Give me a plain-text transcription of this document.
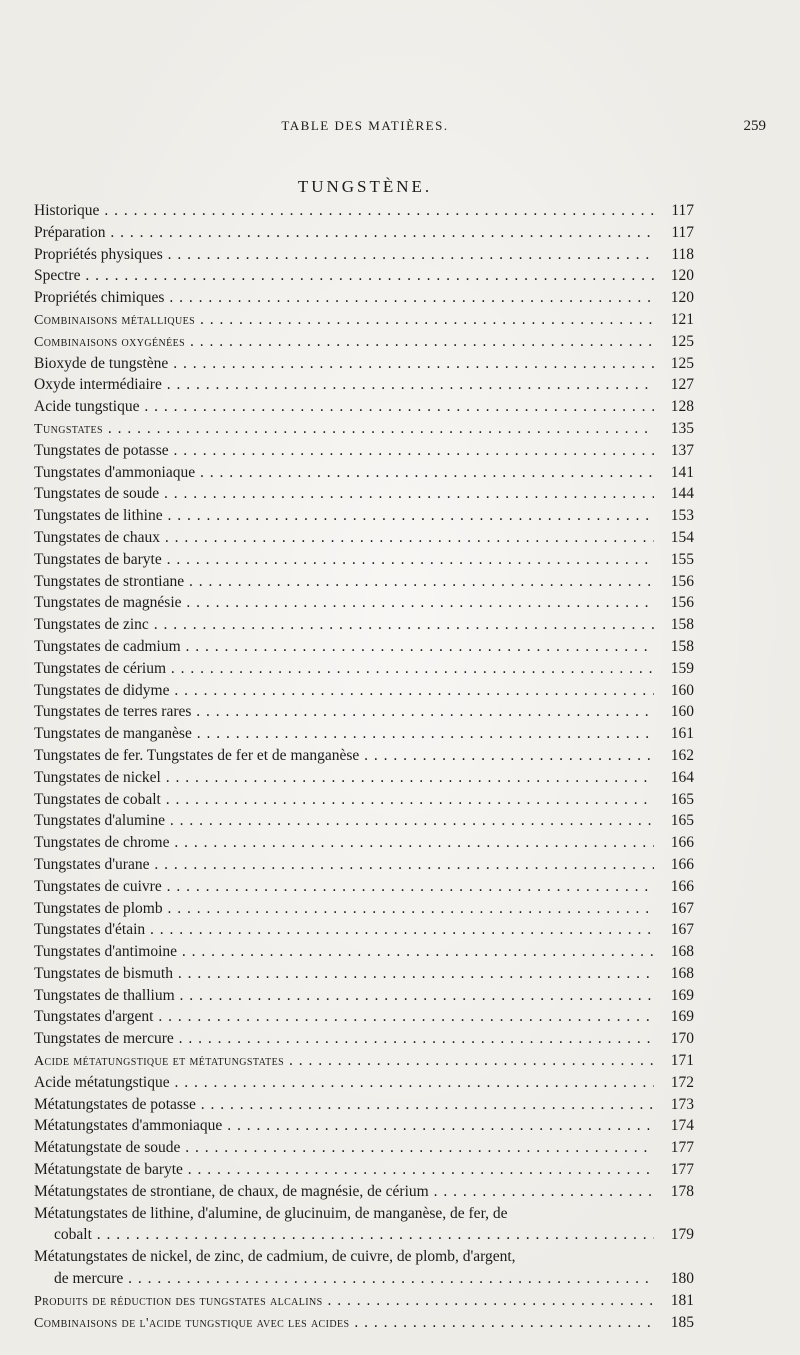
TABLE DES MATIÈRES.	259
TUNGSTÈNE.
Historique . . .	117
Préparation . . .	117
Propriétés physiques . . .	118
Spectre . . .	120
Propriétés chimiques . . .	120
Combinaisons métalliques . . .	121
Combinaisons oxygénées . . .	125
Bioxyde de tungstène . . .	125
Oxyde intermédiaire . . .	127
Acide tungstique . . .	128
Tungstates . . .	135
Tungstates de potasse . . .	137
Tungstates d'ammoniaque . . .	141
Tungstates de soude . . .	144
Tungstates de lithine . . .	153
Tungstates de chaux . . .	154
Tungstates de baryte . . .	155
Tungstates de strontiane . . .	156
Tungstates de magnésie . . .	156
Tungstates de zinc . . .	158
Tungstates de cadmium . . .	158
Tungstates de cérium . . .	159
Tungstates de didyme . . .	160
Tungstates de terres rares . . .	160
Tungstates de manganèse . . .	161
Tungstates de fer. Tungstates de fer et de manganèse . . .	162
Tungstates de nickel . . .	164
Tungstates de cobalt . . .	165
Tungstates d'alumine . . .	165
Tungstates de chrome . . .	166
Tungstates d'urane . . .	166
Tungstates de cuivre . . .	166
Tungstates de plomb . . .	167
Tungstates d'étain . . .	167
Tungstates d'antimoine . . .	168
Tungstates de bismuth . . .	168
Tungstates de thallium . . .	169
Tungstates d'argent . . .	169
Tungstates de mercure . . .	170
Acide métatungstique et métatungstates . . .	171
Acide métatungstique . . .	172
Métatungstates de potasse . . .	173
Métatungstates d'ammoniaque . . .	174
Métatungstate de soude . . .	177
Métatungstate de baryte . . .	177
Métatungstates de strontiane, de chaux, de magnésie, de cérium . . .	178
Métatungstates de lithine, d'alumine, de glucinuim, de manganèse, de fer, de
cobalt . . .	179
Métatungstates de nickel, de zinc, de cadmium, de cuivre, de plomb, d'argent,
de mercure . . .	180
Produits de réduction des tungstates alcalins . . .	181
Combinaisons de l'acide tungstique avec les acides . . .	185
